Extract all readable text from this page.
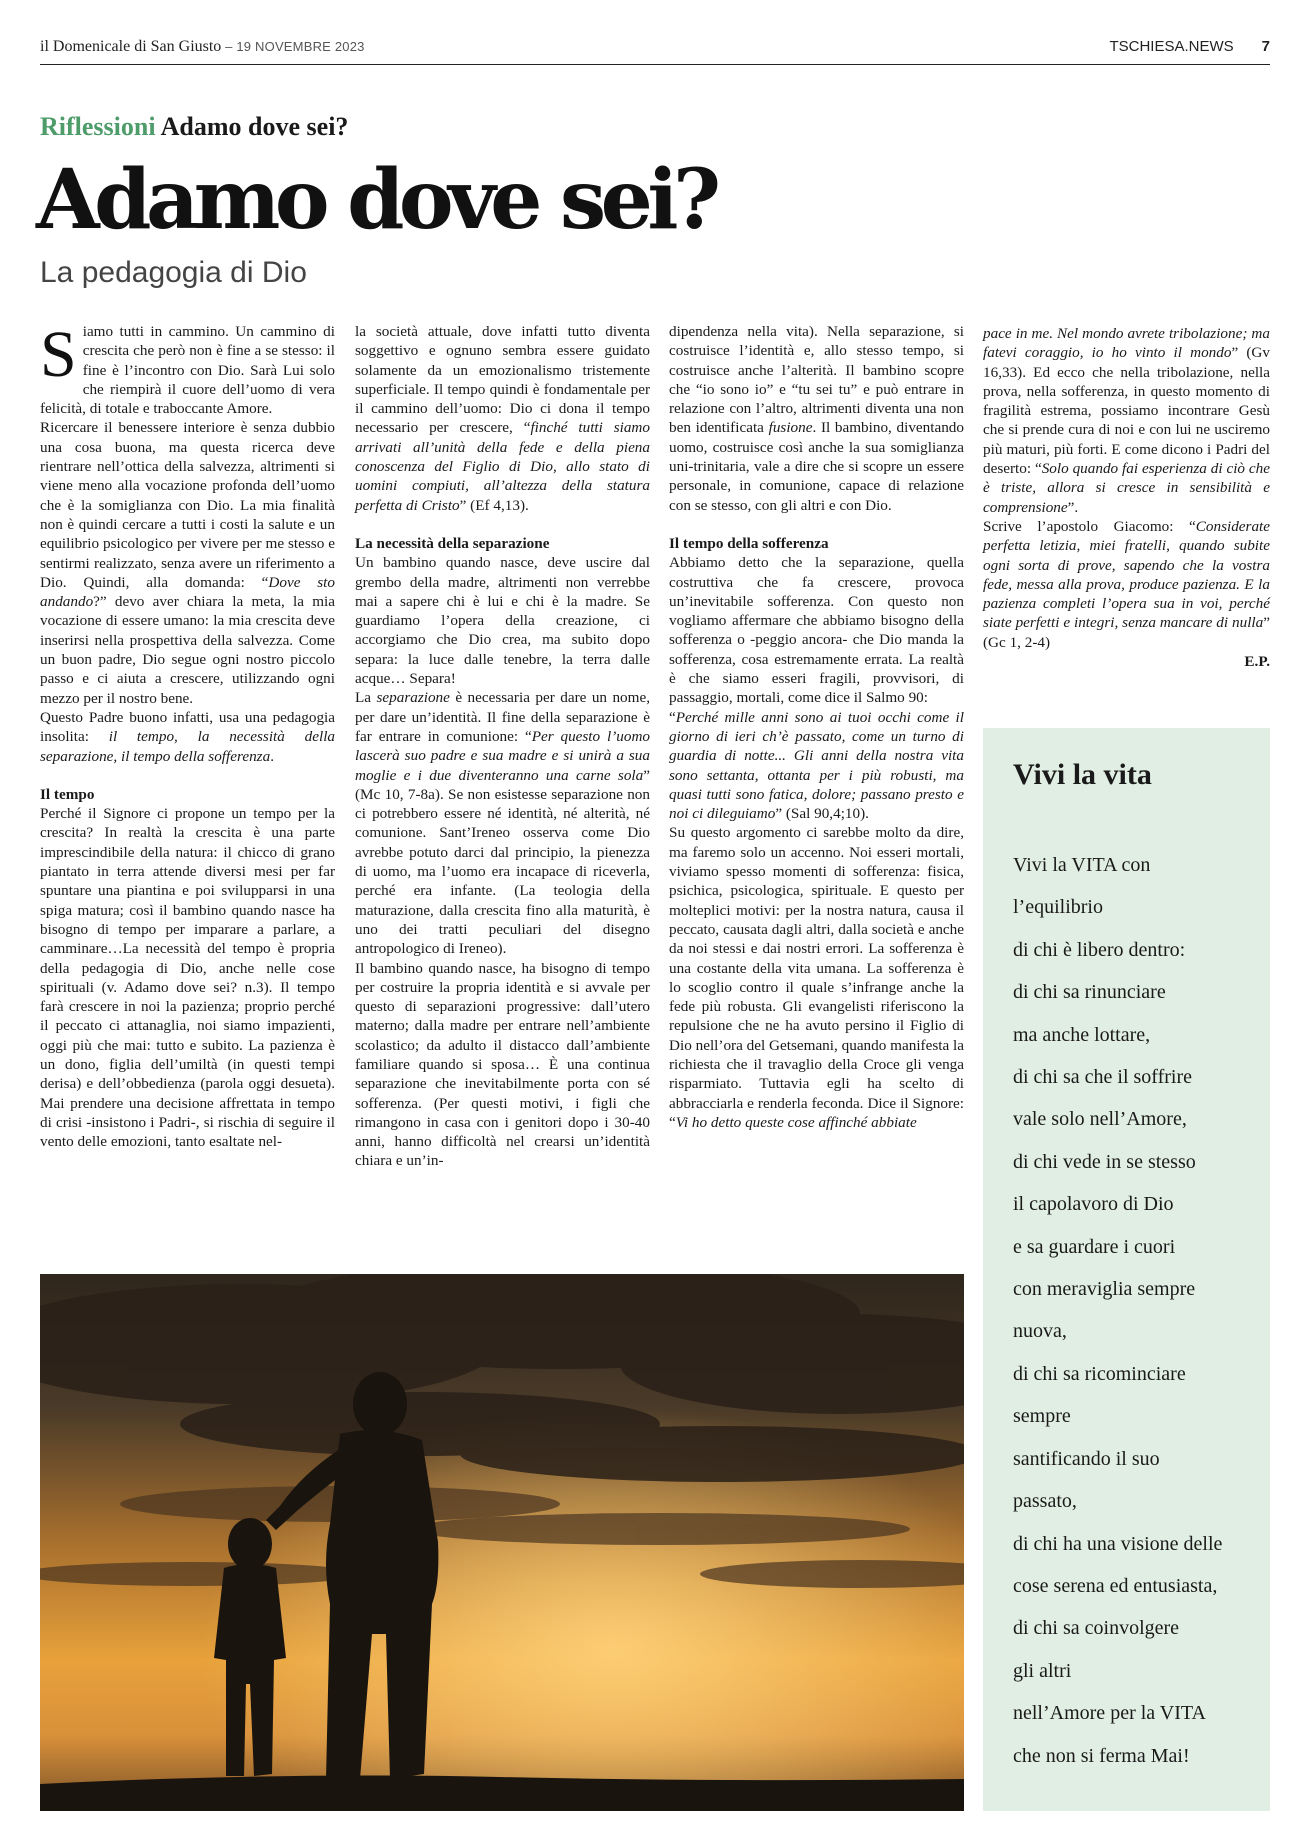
il Domenicale di San Giusto – 19 NOVEMBRE 2023	TSCHIESA.NEWS 7
Riflessioni Adamo dove sei?
Adamo dove sei?
La pedagogia di Dio

Siamo tutti in cammino. Un cammino di crescita che però non è fine a se stesso: il fine è l’incontro con Dio. Sarà Lui solo che riempirà il cuore dell’uomo di vera felicità, di totale e traboccante Amore.

Ricercare il benessere interiore è senza dubbio una cosa buona, ma questa ricerca deve rientrare nell’ottica della salvezza, altrimenti si viene meno alla vocazione profonda dell’uomo che è la somiglianza con Dio. La mia finalità non è quindi cercare a tutti i costi la salute e un equilibrio psicologico per vivere per me stesso e sentirmi realizzato, senza avere un riferimento a Dio. Quindi, alla domanda: “Dove sto andando?” devo aver chiara la meta, la mia vocazione di essere umano: la mia crescita deve inserirsi nella prospettiva della salvezza. Come un buon padre, Dio segue ogni nostro piccolo passo e ci aiuta a crescere, utilizzando ogni mezzo per il nostro bene.

Questo Padre buono infatti, usa una pedagogia insolita: il tempo, la necessità della separazione, il tempo della sofferenza.

Il tempo

Perché il Signore ci propone un tempo per la crescita? In realtà la crescita è una parte imprescindibile della natura: il chicco di grano piantato in terra attende diversi mesi per far spuntare una piantina e poi svilupparsi in una spiga matura; così il bambino quando nasce ha bisogno di tempo per imparare a parlare, a camminare…La necessità del tempo è propria della pedagogia di Dio, anche nelle cose spirituali (v. Adamo dove sei? n.3). Il tempo farà crescere in noi la pazienza; proprio perché il peccato ci attanaglia, noi siamo impazienti, oggi più che mai: tutto e subito. La pazienza è un dono, figlia dell’umiltà (in questi tempi derisa) e dell’obbedienza (parola oggi desueta). Mai prendere una decisione affrettata in tempo di crisi -insistono i Padri-, si rischia di seguire il vento delle emozioni, tanto esaltate nel-

la società attuale, dove infatti tutto diventa soggettivo e ognuno sembra essere guidato solamente da un emozionalismo tristemente superficiale. Il tempo quindi è fondamentale per il cammino dell’uomo: Dio ci dona il tempo necessario per crescere, “finché tutti siamo arrivati all’unità della fede e della piena conoscenza del Figlio di Dio, allo stato di uomini compiuti, all’altezza della statura perfetta di Cristo” (Ef 4,13).

La necessità della separazione

Un bambino quando nasce, deve uscire dal grembo della madre, altrimenti non verrebbe mai a sapere chi è lui e chi è la madre. Se guardiamo l’opera della creazione, ci accorgiamo che Dio crea, ma subito dopo separa: la luce dalle tenebre, la terra dalle acque… Separa!

La separazione è necessaria per dare un nome, per dare un’identità. Il fine della separazione è far entrare in comunione: “Per questo l’uomo lascerà suo padre e sua madre e si unirà a sua moglie e i due diventeranno una carne sola” (Mc 10, 7-8a). Se non esistesse separazione non ci potrebbero essere né identità, né alterità, né comunione. Sant’Ireneo osserva come Dio avrebbe potuto darci dal principio, la pienezza di uomo, ma l’uomo era incapace di riceverla, perché era infante. (La teologia della maturazione, dalla crescita fino alla maturità, è uno dei tratti peculiari del disegno antropologico di Ireneo).

Il bambino quando nasce, ha bisogno di tempo per costruire la propria identità e si avvale per questo di separazioni progressive: dall’utero materno; dalla madre per entrare nell’ambiente scolastico; da adulto il distacco dall’ambiente familiare quando si sposa… È una continua separazione che inevitabilmente porta con sé sofferenza. (Per questi motivi, i figli che rimangono in casa con i genitori dopo i 30-40 anni, hanno difficoltà nel crearsi un’identità chiara e un’in-

dipendenza nella vita). Nella separazione, si costruisce l’identità e, allo stesso tempo, si costruisce anche l’alterità. Il bambino scopre che “io sono io” e “tu sei tu” e può entrare in relazione con l’altro, altrimenti diventa una non ben identificata fusione. Il bambino, diventando uomo, costruisce così anche la sua somiglianza uni-trinitaria, vale a dire che si scopre un essere personale, in comunione, capace di relazione con se stesso, con gli altri e con Dio.

Il tempo della sofferenza

Abbiamo detto che la separazione, quella costruttiva che fa crescere, provoca un’inevitabile sofferenza. Con questo non vogliamo affermare che abbiamo bisogno della sofferenza o -peggio ancora- che Dio manda la sofferenza, cosa estremamente errata. La realtà è che siamo esseri fragili, provvisori, di passaggio, mortali, come dice il Salmo 90:

“Perché mille anni sono ai tuoi occhi come il giorno di ieri ch’è passato, come un turno di guardia di notte... Gli anni della nostra vita sono settanta, ottanta per i più robusti, ma quasi tutti sono fatica, dolore; passano presto e noi ci dileguiamo” (Sal 90,4;10).

Su questo argomento ci sarebbe molto da dire, ma faremo solo un accenno. Noi esseri mortali, viviamo spesso momenti di sofferenza: fisica, psichica, psicologica, spirituale. E questo per molteplici motivi: per la nostra natura, causa il peccato, causata dagli altri, dalla società e anche da noi stessi e dai nostri errori. La sofferenza è una costante della vita umana. La sofferenza è lo scoglio contro il quale s’infrange anche la fede più robusta. Gli evangelisti riferiscono la repulsione che ne ha avuto persino il Figlio di Dio nell’ora del Getsemani, quando manifesta la richiesta che il travaglio della Croce gli venga risparmiato. Tuttavia egli ha scelto di abbracciarla e renderla feconda. Dice il Signore: “Vi ho detto queste cose affinché abbiate

pace in me. Nel mondo avrete tribolazione; ma fatevi coraggio, io ho vinto il mondo” (Gv 16,33). Ed ecco che nella tribolazione, nella prova, nella sofferenza, in questo momento di fragilità estrema, possiamo incontrare Gesù che si prende cura di noi e con lui ne usciremo più maturi, più forti. E come dicono i Padri del deserto: “Solo quando fai esperienza di ciò che è triste, allora si cresce in sensibilità e comprensione”.

Scrive l’apostolo Giacomo: “Considerate perfetta letizia, miei fratelli, quando subite ogni sorta di prove, sapendo che la vostra fede, messa alla prova, produce pazienza. E la pazienza completi l’opera sua in voi, perché siate perfetti e integri, senza mancare di nulla” (Gc 1, 2-4)

E.P.

Vivi la vita
Vivi la VITA con
l’equilibrio
di chi è libero dentro:
di chi sa rinunciare
ma anche lottare,
di chi sa che il soffrire
vale solo nell’Amore,
di chi vede in se stesso
il capolavoro di Dio
e sa guardare i cuori
con meraviglia sempre
nuova,
di chi sa ricominciare
sempre
santificando il suo
passato,
di chi ha una visione delle
cose serena ed entusiasta,
di chi sa coinvolgere
gli altri
nell’Amore per la VITA
che non si ferma Mai!
